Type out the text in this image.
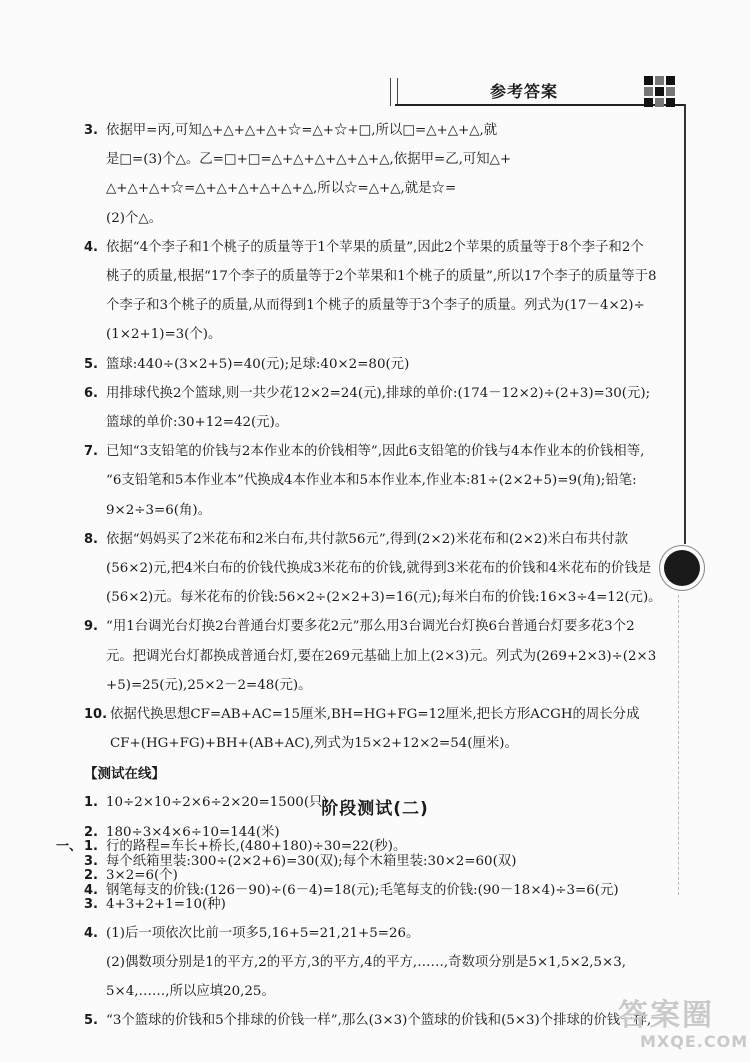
参考答案
3. 依据甲=丙,可知△+△+△+△+☆=△+☆+□,所以□=△+△+△,就

是□=(3)个△。乙=□+□=△+△+△+△+△+△,依据甲=乙,可知△+

△+△+△+☆=△+△+△+△+△+△,所以☆=△+△,就是☆=

(2)个△。

4. 依据“4个李子和1个桃子的质量等于1个苹果的质量”,因此2个苹果的质量等于8个李子和2个

桃子的质量,根据“17个李子的质量等于2个苹果和1个桃子的质量”,所以17个李子的质量等于8

个李子和3个桃子的质量,从而得到1个桃子的质量等于3个李子的质量。列式为(17－4×2)÷

(1×2+1)=3(个)。

5. 篮球:440÷(3×2+5)=40(元);足球:40×2=80(元)

6. 用排球代换2个篮球,则一共少花12×2=24(元),排球的单价:(174－12×2)÷(2+3)=30(元);

篮球的单价:30+12=42(元)。

7. 已知“3支铅笔的价钱与2本作业本的价钱相等”,因此6支铅笔的价钱与4本作业本的价钱相等,

“6支铅笔和5本作业本”代换成4本作业本和5本作业本,作业本:81÷(2×2+5)=9(角);铅笔:

9×2÷3=6(角)。

8. 依据“妈妈买了2米花布和2米白布,共付款56元”,得到(2×2)米花布和(2×2)米白布共付款

(56×2)元,把4米白布的价钱代换成3米花布的价钱,就得到3米花布的价钱和4米花布的价钱是

(56×2)元。每米花布的价钱:56×2÷(2×2+3)=16(元);每米白布的价钱:16×3÷4=12(元)。

9. “用1台调光台灯换2台普通台灯要多花2元”那么用3台调光台灯换6台普通台灯要多花3个2

元。把调光台灯都换成普通台灯,要在269元基础上加上(2×3)元。列式为(269+2×3)÷(2×3

+5)=25(元),25×2－2=48(元)。

10. 依据代换思想CF=AB+AC=15厘米,BH=HG+FG=12厘米,把长方形ACGH的周长分成

CF+(HG+FG)+BH+(AB+AC),列式为15×2+12×2=54(厘米)。

【测试在线】
1. 10÷2×10÷2×6÷2×20=1500(只)

2. 180÷3×4×6÷10=144(米)

3. 每个纸箱里装:300÷(2×2+6)=30(双);每个木箱里装:30×2=60(双)

4. 钢笔每支的价钱:(126－90)÷(6－4)=18(元);毛笔每支的价钱:(90－18×4)÷3=6(元)

阶段测试(二)
一、 1. 行的路程=车长+桥长,(480+180)÷30=22(秒)。

2. 3×2=6(个)

3. 4+3+2+1=10(种)

4. (1)后一项依次比前一项多5,16+5=21,21+5=26。

(2)偶数项分别是1的平方,2的平方,3的平方,4的平方,……,奇数项分别是5×1,5×2,5×3,

5×4,……,所以应填20,25。

5. “3个篮球的价钱和5个排球的价钱一样”,那么(3×3)个篮球的价钱和(5×3)个排球的价钱一样,

答案圈
MXQE.COM
